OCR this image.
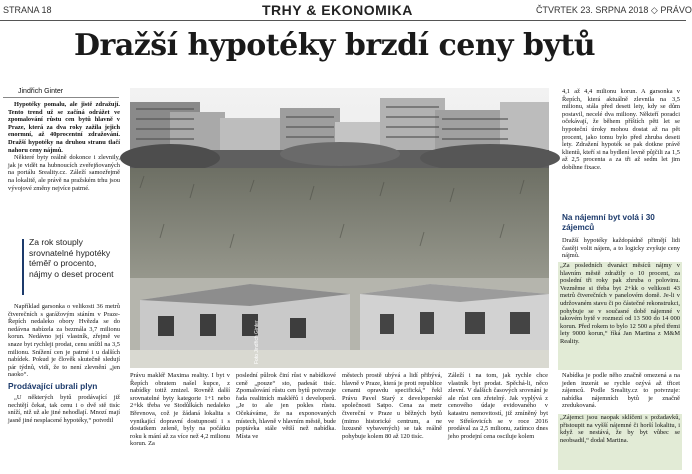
STRANA 18	TRHY & EKONOMIKA	ČTVRTEK 23. SRPNA 2018 ◇ PRÁVO
Dražší hypotéky brzdí ceny bytů
Jindřich Ginter

Hypotéky pomalu, ale jistě zdražují. Tento trend už se začíná odrážet ve zpomalování růstu cen bytů hlavně v Praze, která za dva roky zažila jejich enormní, až 40procentní zdražování. Dražší hypotéky na druhou stranu tlačí nahoru ceny nájmů.

Některé byty reálně dokonce i zlevnily, jak je vidět na hubnoucích zveřejňovaných na portálu Sreality.cz. Záleží samozřejmě na lokalitě, ale právě na pražském trhu jsou vývojové změny nejvíce patrné.

Za rok stouply srovnatelné hypotéky téměř o procento, nájmy o deset procent

Například garsonka o velikosti 36 metrů čtverečních s garážovým stáním v Praze-Řepích nedaleko obory Hvězda se do nedávna nabízela za bezmála 3,7 milionu korun. Nedávno její vlastník, zřejmě ve snaze byt rychleji prodat, cenu snížil na 3,5 milionu. Snížení cen je patrné i u dalších nabídek. Pokud je člověk skutečně sledují pár týdnů, vidí, že to není zlevnění „jen naoko“.

Prodávající ubrali plyn

„U některých bytů prodávající již nechtějí čekat, tak cenu i o dvě stě tisíc sníží, niž už ale jiné nehodlají. Mnozí mají jasně jiné nesplacené hypotéky,“ potvrdil

Foto Jindřich Ginter
Právu makléř Maxima reality. I byt v Řepích obratem našel kupce, z nabídky totiž zmizel. Rovněž další srovnatelné byty kategorie 1+1 nebo 2+kk třeba ve Stodůlkách nedaleko Břevnova, což je žádaná lokalita s vynikající dopravní dostupností i s dostatkem zeleně, byly na počátku roku k mání až za více než 4,2 milionu korun. Za
poslední půlrok činí růst v nabídkové ceně „pouze“ sto, padesát tisíc. Zpomalování růstu cen bytů potvrzuje řada realitních makléřů i developerů. „Je to ale jen pokles růstu. Očekáváme, že na exponovaných místech, hlavně v hlavním městě, bude poptávka stále větší než nabídka. Místa ve
městech prostě ubývá a lidí přibývá, hlavně v Praze, která je proti republice cenami opravdu specifická,“ řekl Právu Pavel Starý z developerské společnosti Satpo. Cena za metr čtvereční v Praze u běžných bytů (mimo historické centrum, a ne luxusně vybavených) se tak reálně pohybuje kolem 80 až 120 tisíc.
Záleží i na tom, jak rychle chce vlastník byt prodat. Spěchá-li, něco zlevní. V dalších časových srovnání je ale růst cen zřetelný. Jak vyplývá z cenového údaje evidovaného v katastru nemovitostí, již zmíněný byt ve Střešovicích se v roce 2016 prodával za 2,5 milionu, zatímco dnes jeho prodejní cena osciluje kolem
4,1 až 4,4 milionu korun. A garsonka v Řepích, která aktuálně zlevnila na 3,5 milionu, stála před deseti lety, kdy se dům postavil, necelé dva miliony. Někteří poradci očekávají, že během příštích pěti let se hypoteční úroky mohou dostat až na pět procent, jako tomu bylo před zhruba deseti lety. Zdražení hypoték se pak dotkne právě klientů, kteří si na bydlení levně půjčili za 1,5 až 2,5 procenta a za tři až sedm let jim dobíhne fixace.
Na nájemní byt volá i 30 zájemců
Dražší hypotéky každopádně přimějí lidi častěji volit nájem, a to logicky zvyšuje ceny nájmů.
„Za posledních dvanáct měsíců nájmy v hlavním městě zdražily o 10 procent, za poslední tři roky pak zhruba o polovinu. Vezměme si třeba byt 2+kk o velikosti 43 metrů čtverečních v panelovém domě. Je-li v udržovaném stavu či po částečné rekonstrukci, pohybuje se v současné době nájemné v takovém bytě v rozmezí od 13 500 do 14 000 korun. Před rokem to bylo 12 500 a před třemi lety 9000 korun,“ říká Jan Martina z M&M Reality.
Nabídka je podle něho značně omezená a na jeden inzerát se rychle ozývá až třicet zájemců. Podle Sreality.cz to potvrzuje: nabídka nájemních bytů je značně zredukovaná.
„Zájemci jsou naopak sklíčeni s požadavků, přistoupit na vyšší nájemné či horší lokalitu, i když se nestává, že by byt vůbec se neobsadil,“ dodal Martina.
